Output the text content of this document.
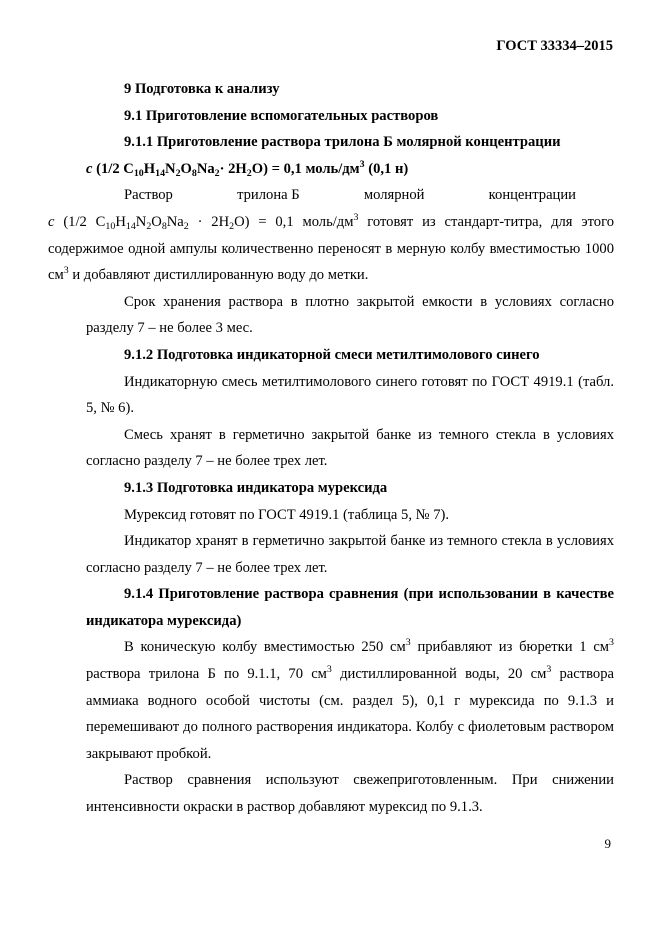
ГОСТ 33334–2015

9 Подготовка к анализу

9.1 Приготовление вспомогательных растворов

9.1.1 Приготовление раствора трилона Б молярной концентрации
с (1/2 $C_{10}H_{14}N_2O_8Na_2\cdot 2H_2O) = 0,1$ моль/$дм^3$ (0,1 н)

Раствор	трилона Б	молярной	концентрации
с (1/2 $C_{10}H_{14}N_2O_8Na_2 \cdot 2H_2O) = 0,1$ моль/$дм^3$ готовят из стандарт-титра, для этого содержимое одной ампулы количественно переносят в мерную колбу вместимостью 1000 $см^3$ и добавляют дистиллированную воду до метки.

Срок хранения раствора в плотно закрытой емкости в условиях согласно разделу 7 – не более 3 мес.

9.1.2 Подготовка индикаторной смеси метилтимолового синего

Индикаторную смесь метилтимолового синего готовят по ГОСТ 4919.1 (табл. 5, № 6).

Смесь хранят в герметично закрытой банке из темного стекла в условиях согласно разделу 7 – не более трех лет.

9.1.3 Подготовка индикатора мурексида

Мурексид готовят по ГОСТ 4919.1 (таблица 5, № 7).

Индикатор хранят в герметично закрытой банке из темного стекла в условиях согласно разделу 7 – не более трех лет.

9.1.4 Приготовление раствора сравнения (при использовании в качестве индикатора мурексида)

В коническую колбу вместимостью 250 $см^3$ прибавляют из бюретки 1 $см^3$ раствора трилона Б по 9.1.1, 70 $см^3$ дистиллированной воды, 20 $см^3$ раствора аммиака водного особой чистоты (см. раздел 5), 0,1 г мурексида по 9.1.3 и перемешивают до полного растворения индикатора. Колбу с фиолетовым раствором закрывают пробкой.

Раствор сравнения используют свежеприготовленным. При снижении интенсивности окраски в раствор добавляют мурексид по 9.1.3.

9
